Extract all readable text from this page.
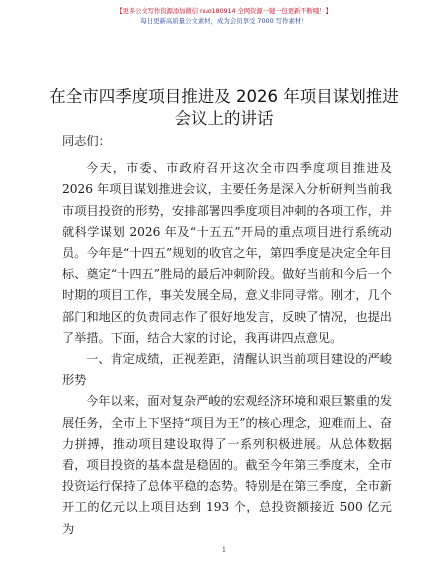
【更多公文写作资源添加微信 nuo180914 全网资源一键一包更新不断哦！】
每日更新高质量公文素材，成为会员享受 7000 写作素材！
在全市四季度项目推进及 2026 年项目谋划推进
会议上的讲话

同志们：

今天，市委、市政府召开这次全市四季度项目推进及 2026 年项目谋划推进会议，主要任务是深入分析研判当前我市项目投资的形势，安排部署四季度项目冲刺的各项工作，并就科学谋划 2026 年及“十五五”开局的重点项目进行系统动员。今年是“十四五”规划的收官之年，第四季度是决定全年目标、奠定“十四五”胜局的最后冲刺阶段。做好当前和今后一个时期的项目工作，事关发展全局，意义非同寻常。刚才，几个部门和地区的负责同志作了很好地发言，反映了情况，也提出了举措。下面，结合大家的讨论，我再讲四点意见。

一、肯定成绩，正视差距，清醒认识当前项目建设的严峻形势

今年以来，面对复杂严峻的宏观经济环境和艰巨繁重的发展任务，全市上下坚持“项目为王”的核心理念，迎难而上、奋力拼搏，推动项目建设取得了一系列积极进展。从总体数据看，项目投资的基本盘是稳固的。截至今年第三季度末，全市投资运行保持了总体平稳的态势。特别是在第三季度，全市新开工的亿元以上项目达到 193 个，总投资额接近 500 亿元为

1
